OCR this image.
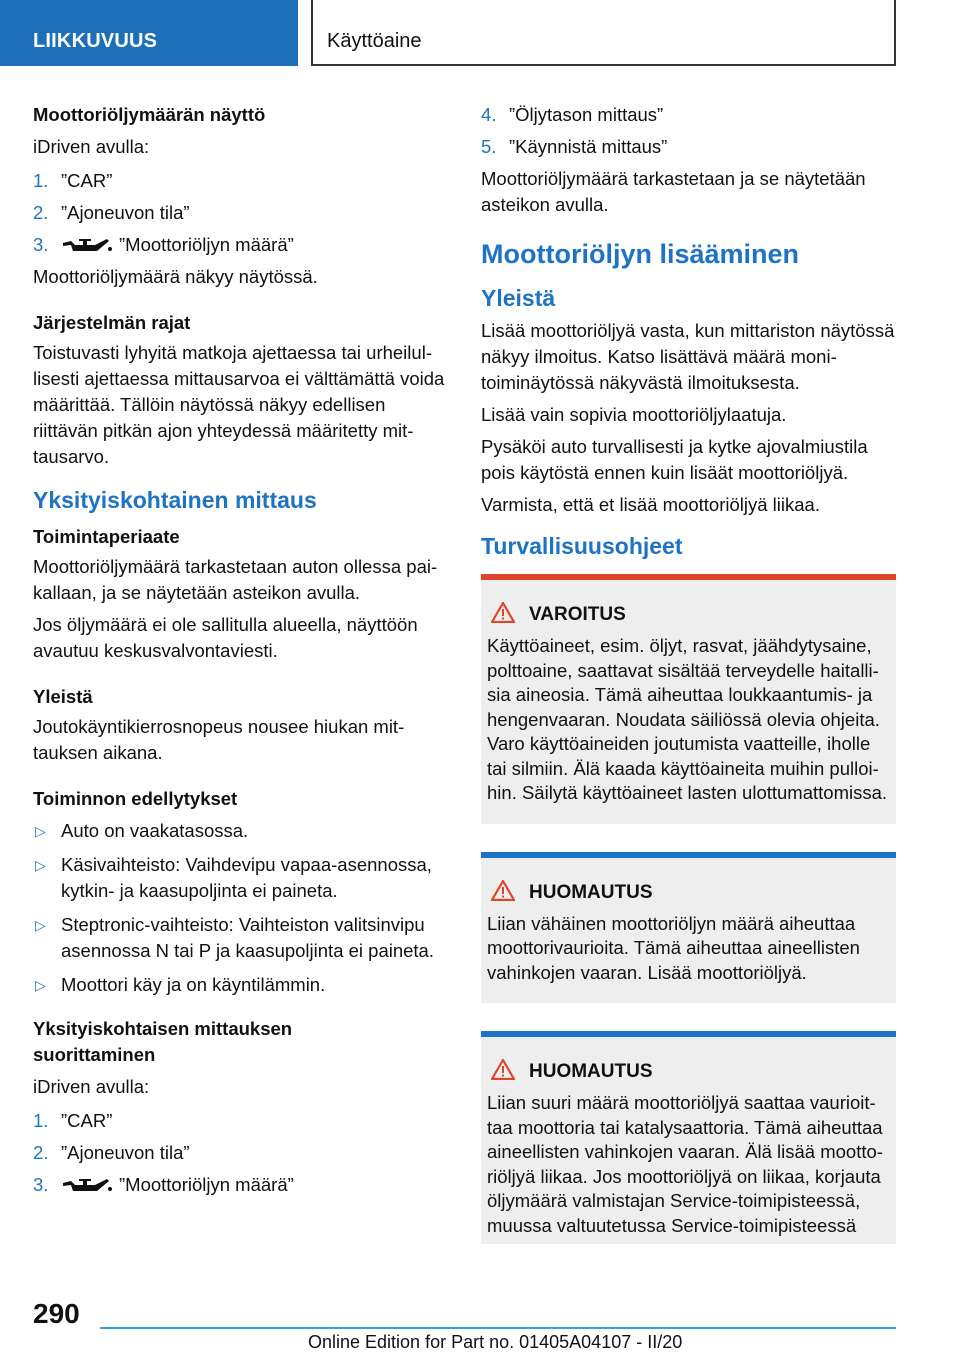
LIIKKUVUUS	Käyttöaine
Moottoriöljymäärän näyttö
iDriven avulla:
1. ”CAR”
2. ”Ajoneuvon tila”
3.	”Moottoriöljyn määrä”
Moottoriöljymäärä näkyy näytössä.
Järjestelmän rajat
Toistuvasti lyhyitä matkoja ajettaessa tai urheilullisesti ajettaessa mittausarvoa ei välttämättä voida määrittää. Tällöin näytössä näkyy edellisen riittävän pitkän ajon yhteydessä määritetty mittausarvo.
Yksityiskohtainen mittaus
Toimintaperiaate
Moottoriöljymäärä tarkastetaan auton ollessa paikallaan, ja se näytetään asteikon avulla.
Jos öljymäärä ei ole sallitulla alueella, näyttöön avautuu keskusvalvontaviesti.
Yleistä
Joutokäyntikierrosnopeus nousee hiukan mittauksen aikana.
Toiminnon edellytykset
▷ Auto on vaakatasossa.
▷ Käsivaihteisto: Vaihdevipu vapaa-asennossa, kytkin- ja kaasupoljinta ei paineta.
▷ Steptronic-vaihteisto: Vaihteiston valitsinvipu asennossa N tai P ja kaasupoljinta ei paineta.
▷ Moottori käy ja on käyntilämmin.
Yksityiskohtaisen mittauksen suorittaminen
iDriven avulla:
1. ”CAR”
2. ”Ajoneuvon tila”
3.	”Moottoriöljyn määrä”
4. ”Öljytason mittaus”
5. ”Käynnistä mittaus”
Moottoriöljymäärä tarkastetaan ja se näytetään asteikon avulla.
Moottoriöljyn lisääminen
Yleistä
Lisää moottoriöljyä vasta, kun mittariston näytössä näkyy ilmoitus. Katso lisättävä määrä monitoiminäytössä näkyvästä ilmoituksesta.
Lisää vain sopivia moottoriöljylaatuja.
Pysäköi auto turvallisesti ja kytke ajovalmiustila pois käytöstä ennen kuin lisäät moottoriöljyä.
Varmista, että et lisää moottoriöljyä liikaa.
Turvallisuusohjeet
VAROITUS
Käyttöaineet, esim. öljyt, rasvat, jäähdytysaine, polttoaine, saattavat sisältää terveydelle haitallisia aineosia. Tämä aiheuttaa loukkaantumis- ja hengenvaaran. Noudata säiliössä olevia ohjeita. Varo käyttöaineiden joutumista vaatteille, iholle tai silmiin. Älä kaada käyttöaineita muihin pulloihin. Säilytä käyttöaineet lasten ulottumattomissa.
HUOMAUTUS
Liian vähäinen moottoriöljyn määrä aiheuttaa moottorivaurioita. Tämä aiheuttaa aineellisten vahinkojen vaaran. Lisää moottoriöljyä.
HUOMAUTUS
Liian suuri määrä moottoriöljyä saattaa vaurioittaa moottoria tai katalysaattoria. Tämä aiheuttaa aineellisten vahinkojen vaaran. Älä lisää moottoriöljyä liikaa. Jos moottoriöljyä on liikaa, korjauta öljymäärä valmistajan Service-toimipisteessä, muussa valtuutetussa Service-toimipisteessä
290
Online Edition for Part no. 01405A04107 - II/20
